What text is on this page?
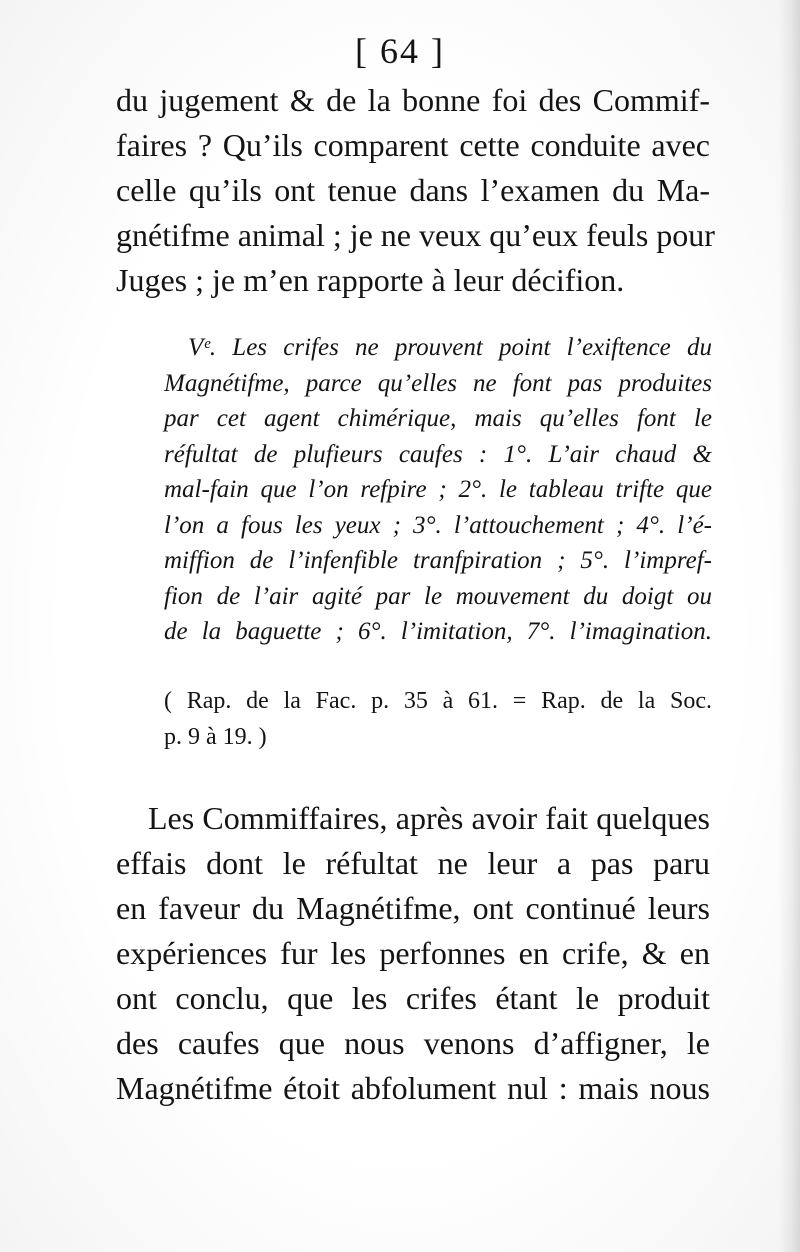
[ 64 ]
du jugement & de la bonne foi des Commif-
faires ? Qu’ils comparent cette conduite avec
celle qu’ils ont tenue dans l’examen du Ma-
gnétifme animal ; je ne veux qu’eux feuls pour
Juges ; je m’en rapporte à leur décifion.
Vᵉ. Les crifes ne prouvent point l’exiftence du
Magnétifme, parce qu’elles ne font pas produites
par cet agent chimérique, mais qu’elles font le
réfultat de plufieurs caufes : 1°. L’air chaud &
mal-fain que l’on refpire ; 2°. le tableau trifte que
l’on a fous les yeux ; 3°. l’attouchement ; 4°. l’é-
miffion de l’infenfible tranfpiration ; 5°. l’impref-
fion de l’air agité par le mouvement du doigt ou
de la baguette ; 6°. l’imitation, 7°. l’imagination.
( Rap. de la Fac. p. 35 à 61. = Rap. de la Soc.
p. 9 à 19. )
Les Commiffaires, après avoir fait quelques
effais dont le réfultat ne leur a pas paru
en faveur du Magnétifme, ont continué leurs
expériences fur les perfonnes en crife, & en
ont conclu, que les crifes étant le produit
des caufes que nous venons d’affigner, le
Magnétifme étoit abfolument nul : mais nous
